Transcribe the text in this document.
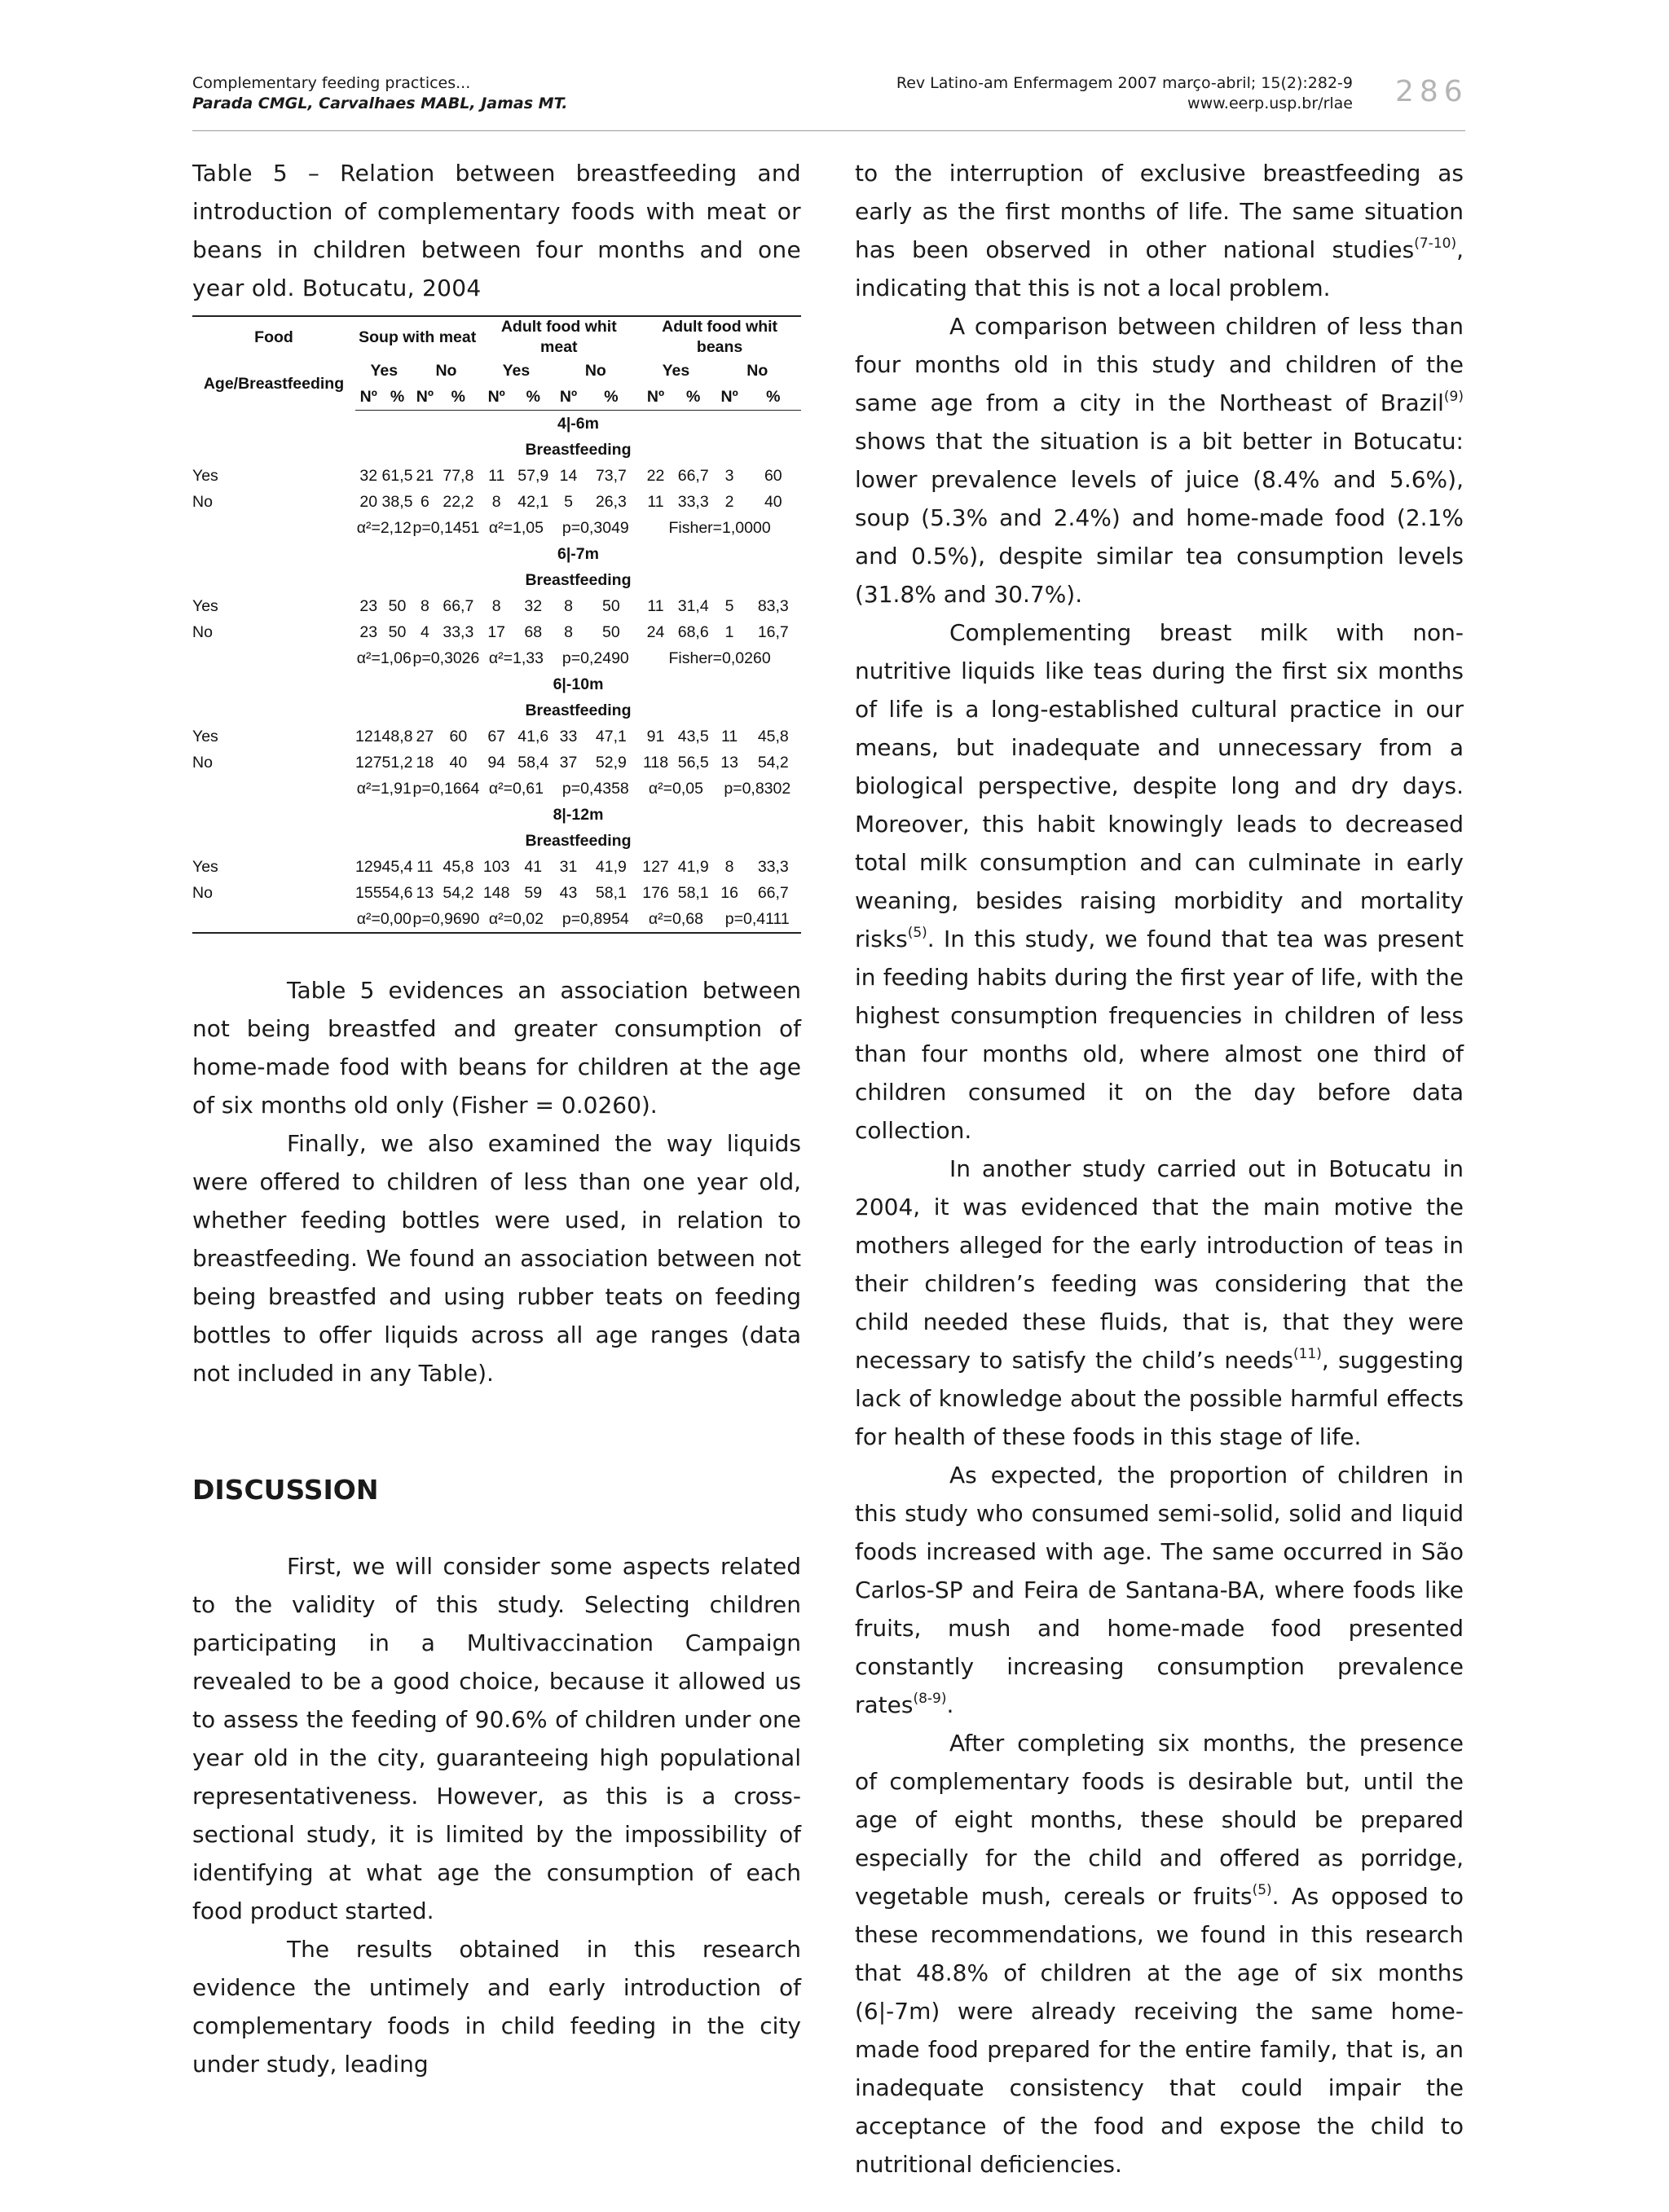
Complementary feeding practices...
Parada CMGL, Carvalhaes MABL, Jamas MT.
Rev Latino-am Enfermagem 2007 março-abril; 15(2):282-9
www.eerp.usp.br/rlae 286

Table 5 – Relation between breastfeeding and introduction of complementary foods with meat or beans in children between four months and one year old. Botucatu, 2004

Food	Soup with meat				Adult food whit meat				Adult food whit beans			
Age/Breastfeeding	Yes		No		Yes		No		Yes		No	
	Nº	%	Nº	%	Nº	%	Nº	%	Nº	%	Nº	%
	4|-6m											
	Breastfeeding											
Yes	32	61,5	21	77,8	11	57,9	14	73,7	22	66,7	3	60
No	20	38,5	6	22,2	8	42,1	5	26,3	11	33,3	2	40
	α²=2,12		p=0,1451		α²=1,05		p=0,3049		Fisher=1,0000			
	6|-7m											
	Breastfeeding											
Yes	23	50	8	66,7	8	32	8	50	11	31,4	5	83,3
No	23	50	4	33,3	17	68	8	50	24	68,6	1	16,7
	α²=1,06		p=0,3026		α²=1,33		p=0,2490		Fisher=0,0260			
	6|-10m											
	Breastfeeding											
Yes	121	48,8	27	60	67	41,6	33	47,1	91	43,5	11	45,8
No	127	51,2	18	40	94	58,4	37	52,9	118	56,5	13	54,2
	α²=1,91		p=0,1664		α²=0,61		p=0,4358		α²=0,05		p=0,8302	
	8|-12m											
	Breastfeeding											
Yes	129	45,4	11	45,8	103	41	31	41,9	127	41,9	8	33,3
No	155	54,6	13	54,2	148	59	43	58,1	176	58,1	16	66,7
	α²=0,00		p=0,9690		α²=0,02		p=0,8954		α²=0,68		p=0,4111	

Table 5 evidences an association between not being breastfed and greater consumption of home-made food with beans for children at the age of six months old only (Fisher = 0.0260).

Finally, we also examined the way liquids were offered to children of less than one year old, whether feeding bottles were used, in relation to breastfeeding. We found an association between not being breastfed and using rubber teats on feeding bottles to offer liquids across all age ranges (data not included in any Table).

DISCUSSION

First, we will consider some aspects related to the validity of this study. Selecting children participating in a Multivaccination Campaign revealed to be a good choice, because it allowed us to assess the feeding of 90.6% of children under one year old in the city, guaranteeing high populational representativeness. However, as this is a cross-sectional study, it is limited by the impossibility of identifying at what age the consumption of each food product started.

The results obtained in this research evidence the untimely and early introduction of complementary foods in child feeding in the city under study, leading

to the interruption of exclusive breastfeeding as early as the first months of life. The same situation has been observed in other national studies$^{(7-10)}$, indicating that this is not a local problem.

A comparison between children of less than four months old in this study and children of the same age from a city in the Northeast of Brazil$^{(9)}$ shows that the situation is a bit better in Botucatu: lower prevalence levels of juice (8.4% and 5.6%), soup (5.3% and 2.4%) and home-made food (2.1% and 0.5%), despite similar tea consumption levels (31.8% and 30.7%).

Complementing breast milk with non-nutritive liquids like teas during the first six months of life is a long-established cultural practice in our means, but inadequate and unnecessary from a biological perspective, despite long and dry days. Moreover, this habit knowingly leads to decreased total milk consumption and can culminate in early weaning, besides raising morbidity and mortality risks$^{(5)}$. In this study, we found that tea was present in feeding habits during the first year of life, with the highest consumption frequencies in children of less than four months old, where almost one third of children consumed it on the day before data collection.

In another study carried out in Botucatu in 2004, it was evidenced that the main motive the mothers alleged for the early introduction of teas in their children’s feeding was considering that the child needed these fluids, that is, that they were necessary to satisfy the child’s needs$^{(11)}$, suggesting lack of knowledge about the possible harmful effects for health of these foods in this stage of life.

As expected, the proportion of children in this study who consumed semi-solid, solid and liquid foods increased with age. The same occurred in São Carlos-SP and Feira de Santana-BA, where foods like fruits, mush and home-made food presented constantly increasing consumption prevalence rates$^{(8-9)}$.

After completing six months, the presence of complementary foods is desirable but, until the age of eight months, these should be prepared especially for the child and offered as porridge, vegetable mush, cereals or fruits$^{(5)}$. As opposed to these recommendations, we found in this research that 48.8% of children at the age of six months (6|-7m) were already receiving the same home-made food prepared for the entire family, that is, an inadequate consistency that could impair the acceptance of the food and expose the child to nutritional deficiencies.
